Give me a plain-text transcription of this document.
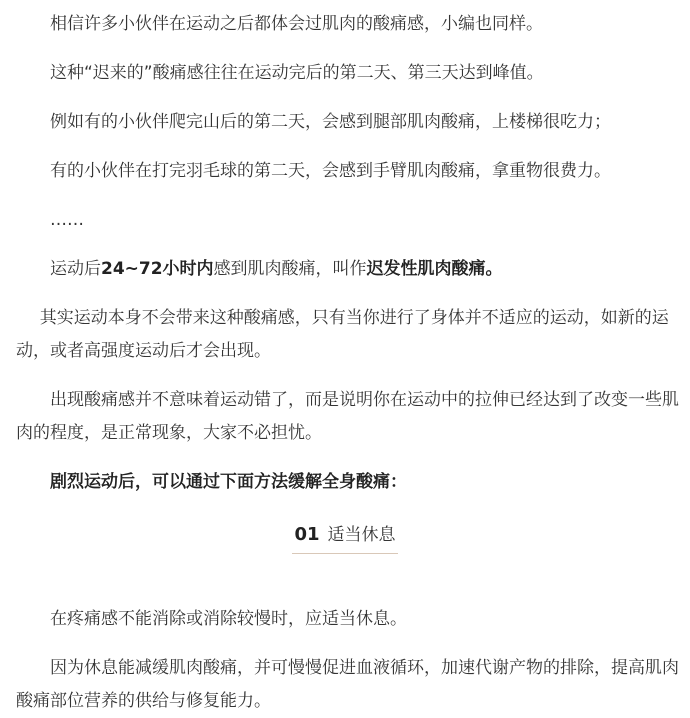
相信许多小伙伴在运动之后都体会过肌肉的酸痛感，小编也同样。

这种“迟来的”酸痛感往往在运动完后的第二天、第三天达到峰值。

例如有的小伙伴爬完山后的第二天，会感到腿部肌肉酸痛，上楼梯很吃力；

有的小伙伴在打完羽毛球的第二天，会感到手臂肌肉酸痛，拿重物很费力。

……

运动后24~72小时内感到肌肉酸痛，叫作迟发性肌肉酸痛。

其实运动本身不会带来这种酸痛感，只有当你进行了身体并不适应的运动，如新的运动，或者高强度运动后才会出现。

出现酸痛感并不意味着运动错了，而是说明你在运动中的拉伸已经达到了改变一些肌肉的程度，是正常现象，大家不必担忧。

剧烈运动后，可以通过下面方法缓解全身酸痛：

01 适当休息

在疼痛感不能消除或消除较慢时，应适当休息。

因为休息能减缓肌肉酸痛，并可慢慢促进血液循环，加速代谢产物的排除，提高肌肉酸痛部位营养的供给与修复能力。
